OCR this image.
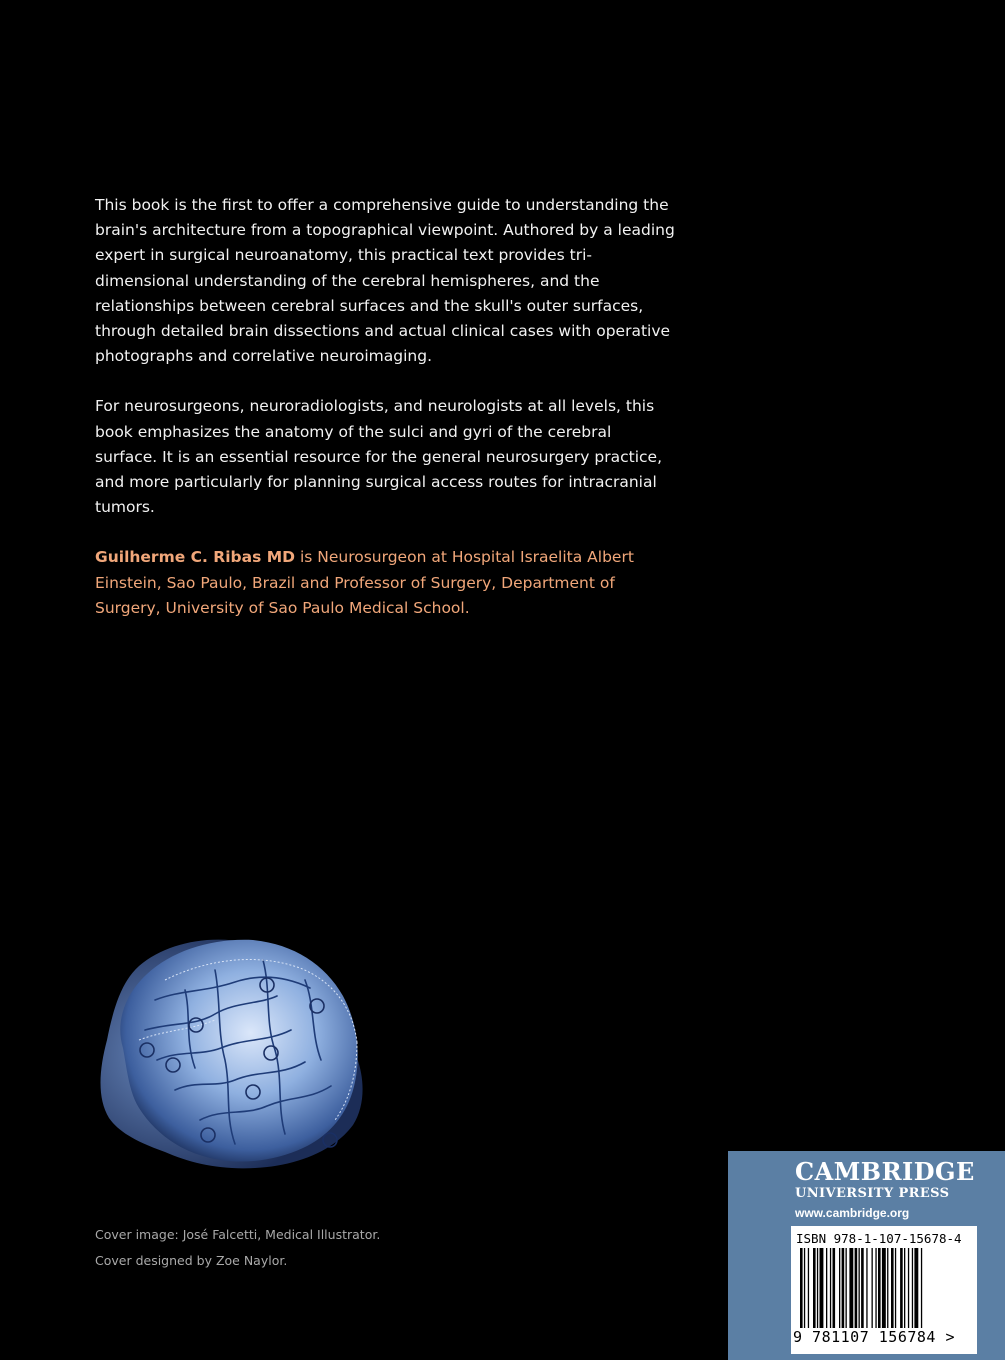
This book is the first to offer a comprehensive guide to understanding the brain's architecture from a topographical viewpoint. Authored by a leading expert in surgical neuroanatomy, this practical text provides tri-dimensional understanding of the cerebral hemispheres, and the relationships between cerebral surfaces and the skull's outer surfaces, through detailed brain dissections and actual clinical cases with operative photographs and correlative neuroimaging.

For neurosurgeons, neuroradiologists, and neurologists at all levels, this book emphasizes the anatomy of the sulci and gyri of the cerebral surface. It is an essential resource for the general neurosurgery practice, and more particularly for planning surgical access routes for intracranial tumors.

Guilherme C. Ribas MD is Neurosurgeon at Hospital Israelita Albert Einstein, Sao Paulo, Brazil and Professor of Surgery, Department of Surgery, University of Sao Paulo Medical School.

Cover image: José Falcetti, Medical Illustrator.
Cover designed by Zoe Naylor.
CAMBRIDGE
UNIVERSITY PRESS
www.cambridge.org
ISBN 978-1-107-15678-4
9 781107 156784 >
